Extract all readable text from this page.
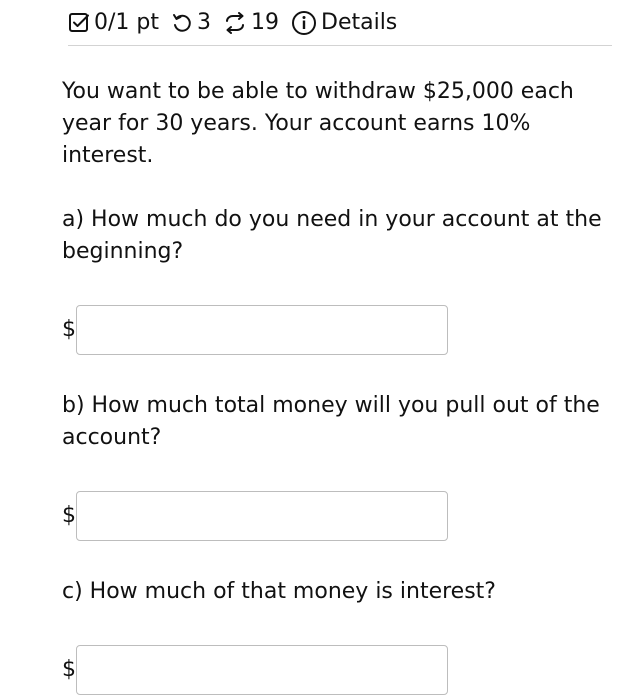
0/1 pt 3 19 Details

You want to be able to withdraw $25,000 each year for 30 years. Your account earns 10% interest.

a) How much do you need in your account at the beginning?

$

b) How much total money will you pull out of the account?

$

c) How much of that money is interest?

$
